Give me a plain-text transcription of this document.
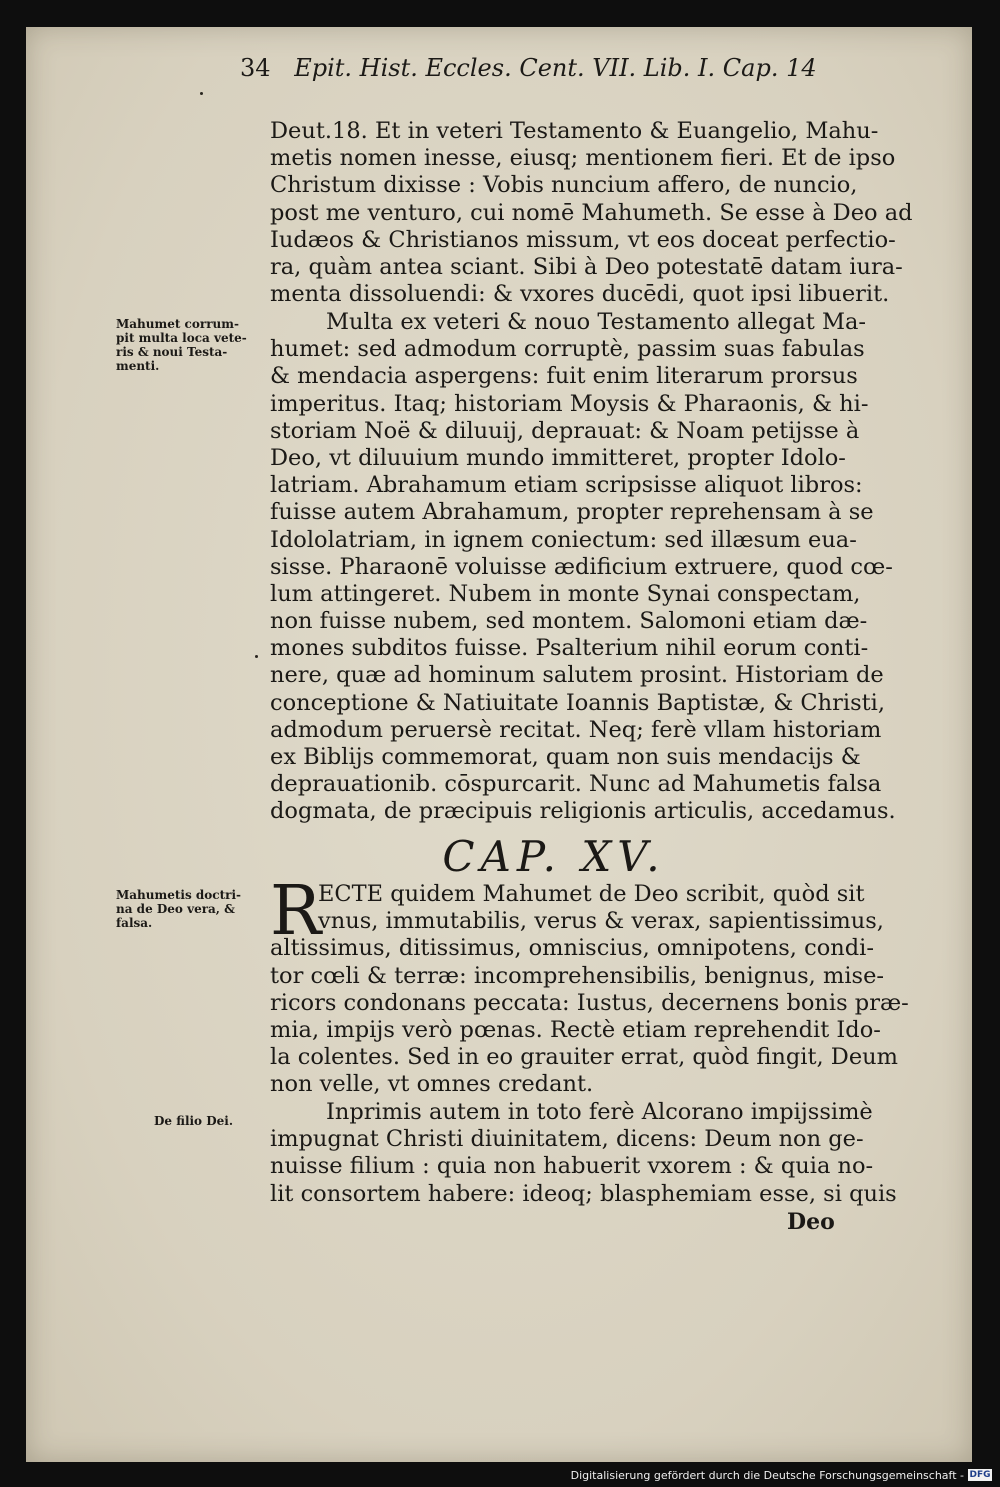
34 Epit. Hist. Eccles. Cent. VII. Lib. I. Cap. 14
Deut.18. Et in veteri Testamento & Euangelio, Mahu-
metis nomen inesse, eiusq; mentionem fieri. Et de ipso
Christum dixisse : Vobis nuncium affero, de nuncio,
post me venturo, cui nomē Mahumeth. Se esse à Deo ad
Iudæos & Christianos missum, vt eos doceat perfectio-
ra, quàm antea sciant. Sibi à Deo potestatē datam iura-
menta dissoluendi: & vxores ducēdi, quot ipsi libuerit.
Multa ex veteri & nouo Testamento allegat Ma-
humet: sed admodum corruptè, passim suas fabulas
& mendacia aspergens: fuit enim literarum prorsus
imperitus. Itaq; historiam Moysis & Pharaonis, & hi-
storiam Noë & diluuij, deprauat: & Noam petijsse à
Deo, vt diluuium mundo immitteret, propter Idolo-
latriam. Abrahamum etiam scripsisse aliquot libros:
fuisse autem Abrahamum, propter reprehensam à se
Idololatriam, in ignem coniectum: sed illæsum eua-
sisse. Pharaonē voluisse ædificium extruere, quod cœ-
lum attingeret. Nubem in monte Synai conspectam,
non fuisse nubem, sed montem. Salomoni etiam dæ-
mones subditos fuisse. Psalterium nihil eorum conti-
nere, quæ ad hominum salutem prosint. Historiam de
conceptione & Natiuitate Ioannis Baptistæ, & Christi,
admodum peruersè recitat. Neq; ferè vllam historiam
ex Biblijs commemorat, quam non suis mendacijs &
deprauationib. cōspurcarit. Nunc ad Mahumetis falsa
dogmata, de præcipuis religionis articulis, accedamus.
CAP. XV.
R
ECTE quidem Mahumet de Deo scribit, quòd sit
vnus, immutabilis, verus & verax, sapientissimus,
altissimus, ditissimus, omniscius, omnipotens, condi-
tor cœli & terræ: incomprehensibilis, benignus, mise-
ricors condonans peccata: Iustus, decernens bonis præ-
mia, impijs verò pœnas. Rectè etiam reprehendit Ido-
la colentes. Sed in eo grauiter errat, quòd fingit, Deum
non velle, vt omnes credant.
Inprimis autem in toto ferè Alcorano impijssimè
impugnat Christi diuinitatem, dicens: Deum non ge-
nuisse filium : quia non habuerit vxorem : & quia no-
lit consortem habere: ideoq; blasphemiam esse, si quis
Deo
Mahumet corrum-
pit multa loca vete-
ris & noui Testa-
menti.
Mahumetis doctri-
na de Deo vera, &
falsa.
De filio Dei.
Digitalisierung gefördert durch die Deutsche Forschungsgemeinschaft - DFG
